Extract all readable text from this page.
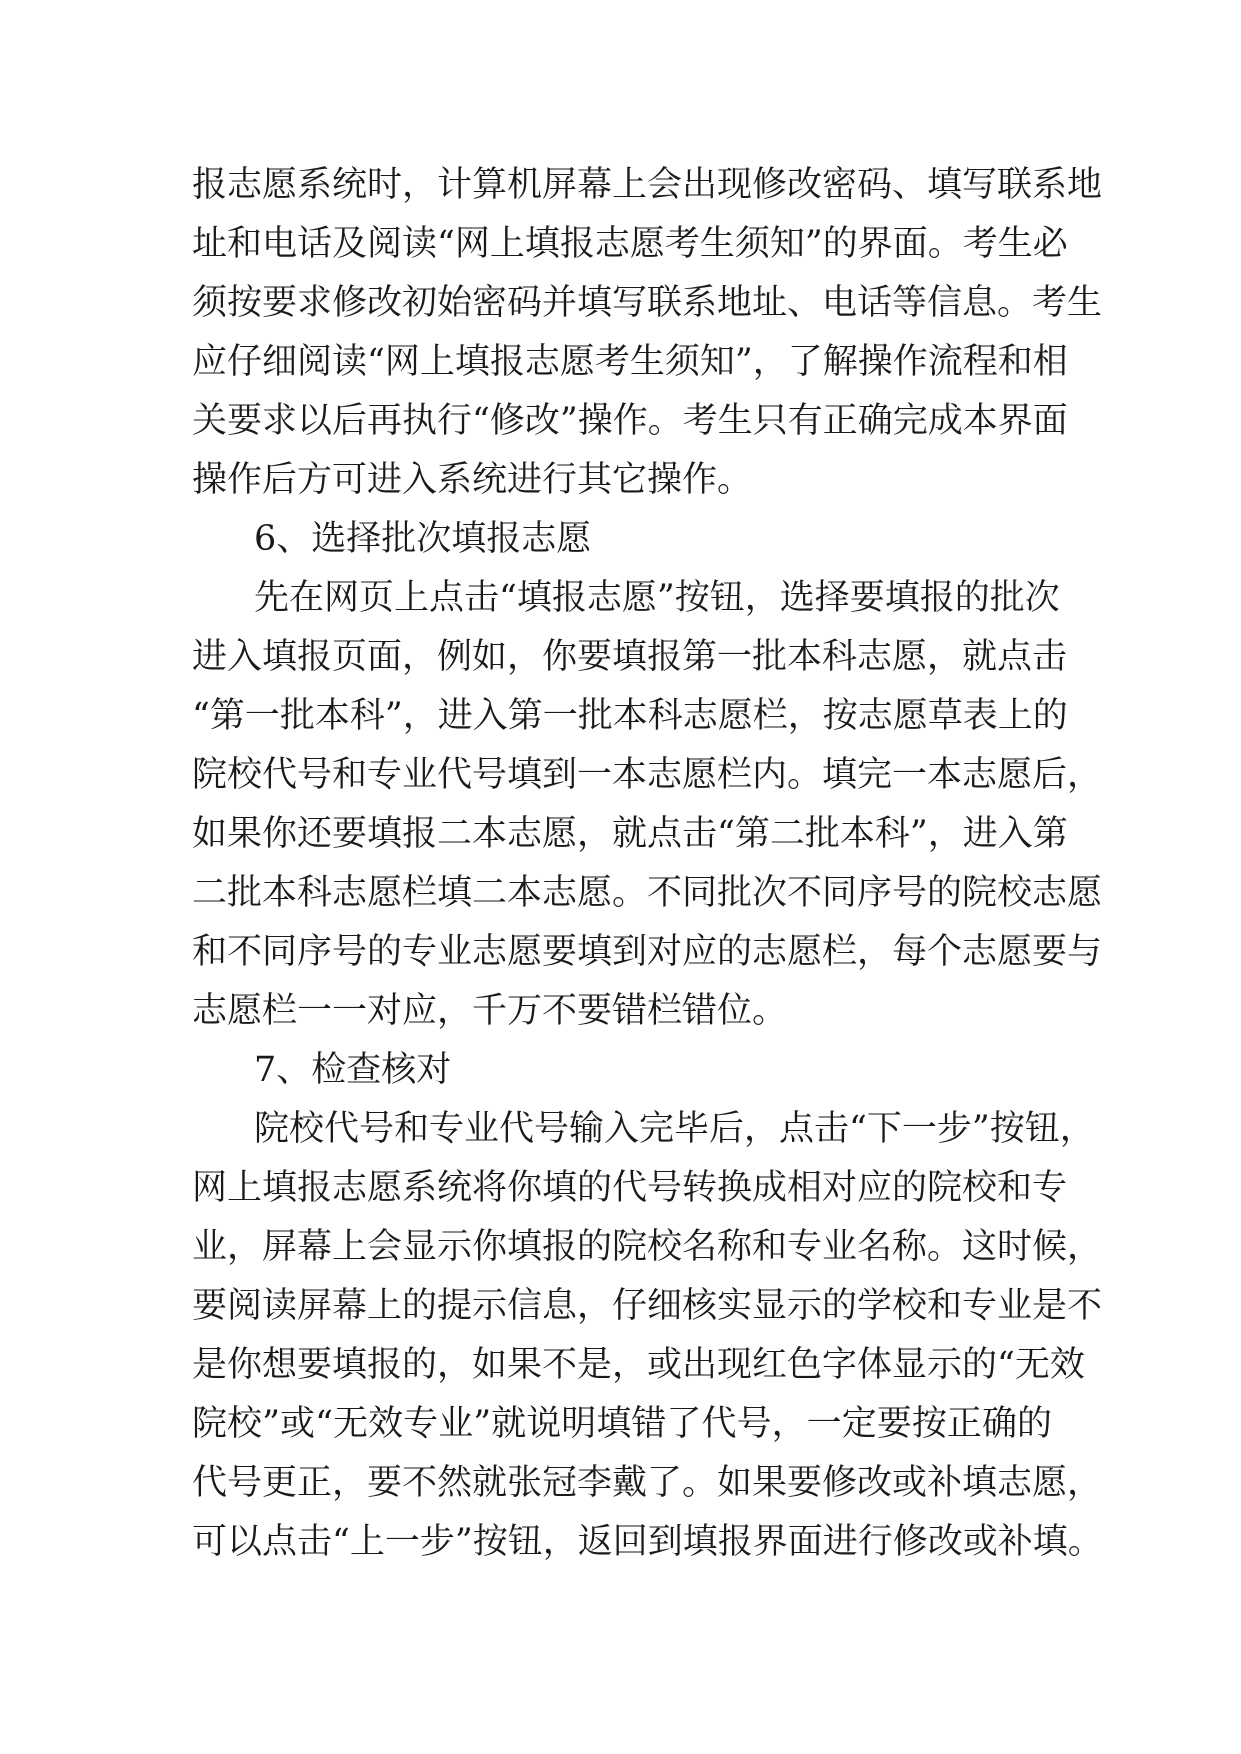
报志愿系统时，计算机屏幕上会出现修改密码、填写联系地
址和电话及阅读“网上填报志愿考生须知”的界面。考生必
须按要求修改初始密码并填写联系地址、电话等信息。考生
应仔细阅读“网上填报志愿考生须知”，了解操作流程和相
关要求以后再执行“修改”操作。考生只有正确完成本界面
操作后方可进入系统进行其它操作。
6、选择批次填报志愿
先在网页上点击“填报志愿”按钮，选择要填报的批次
进入填报页面，例如，你要填报第一批本科志愿，就点击
“第一批本科”，进入第一批本科志愿栏，按志愿草表上的
院校代号和专业代号填到一本志愿栏内。填完一本志愿后，
如果你还要填报二本志愿，就点击“第二批本科”，进入第
二批本科志愿栏填二本志愿。不同批次不同序号的院校志愿
和不同序号的专业志愿要填到对应的志愿栏，每个志愿要与
志愿栏一一对应，千万不要错栏错位。
7、检查核对
院校代号和专业代号输入完毕后，点击“下一步”按钮，
网上填报志愿系统将你填的代号转换成相对应的院校和专
业，屏幕上会显示你填报的院校名称和专业名称。这时候，
要阅读屏幕上的提示信息，仔细核实显示的学校和专业是不
是你想要填报的，如果不是，或出现红色字体显示的“无效
院校”或“无效专业”就说明填错了代号，一定要按正确的
代号更正，要不然就张冠李戴了。如果要修改或补填志愿，
可以点击“上一步”按钮，返回到填报界面进行修改或补填。
